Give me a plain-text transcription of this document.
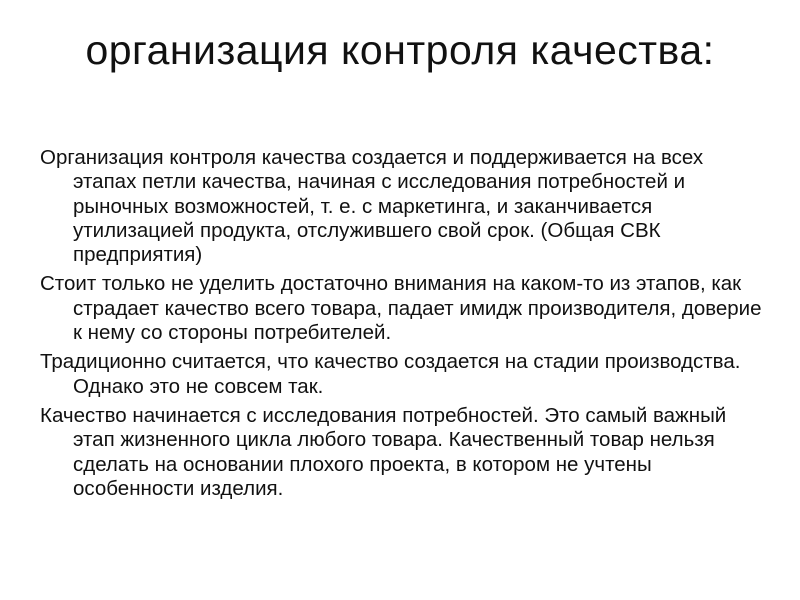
организация контроля качества:
Организация контроля качества создается и поддерживается на всех этапах петли качества, начиная с исследования потребностей и рыночных возможностей, т. е. с маркетинга, и заканчивается утилизацией продукта, отслужившего свой срок. (Общая СВК предприятия)
Стоит только не уделить достаточно внимания на каком-то из этапов, как страдает качество всего товара, падает имидж производителя, доверие к нему со стороны потребителей.
Традиционно считается, что качество создается на стадии производства. Однако это не совсем так.
Качество начинается с исследования потребностей. Это самый важный этап жизненного цикла любого товара. Качественный товар нельзя сделать на основании плохого проекта, в котором не учтены особенности изделия.
